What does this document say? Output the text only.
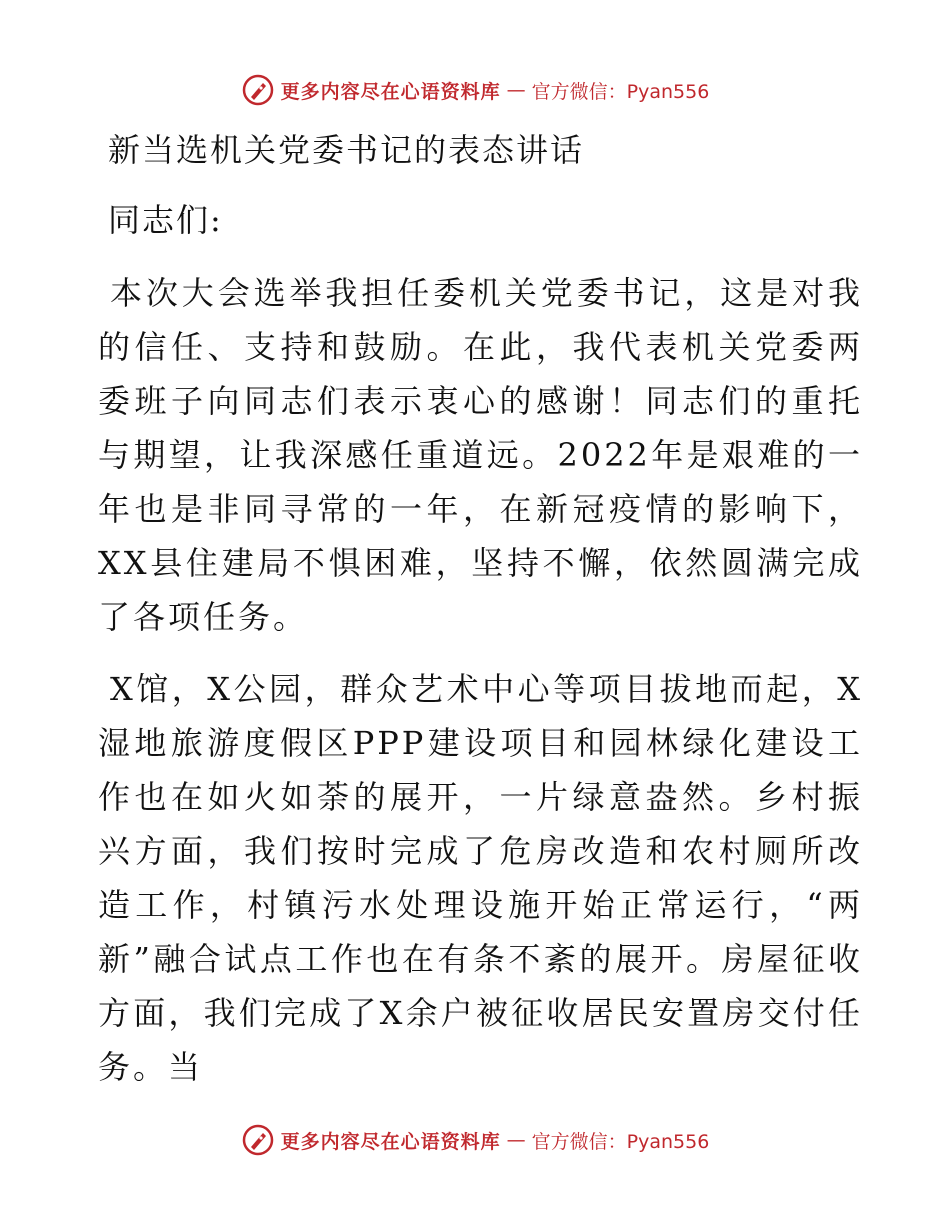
更多内容尽在心语资料库 — 官方微信：Pyan556
新当选机关党委书记的表态讲话

同志们:

本次大会选举我担任委机关党委书记，这是对我的信任、支持和鼓励。在此，我代表机关党委两委班子向同志们表示衷心的感谢！同志们的重托与期望，让我深感任重道远。2022年是艰难的一年也是非同寻常的一年，在新冠疫情的影响下，XX县住建局不惧困难，坚持不懈，依然圆满完成了各项任务。

X馆，X公园，群众艺术中心等项目拔地而起，X湿地旅游度假区PPP建设项目和园林绿化建设工作也在如火如荼的展开，一片绿意盎然。乡村振兴方面，我们按时完成了危房改造和农村厕所改造工作，村镇污水处理设施开始正常运行，“两新”融合试点工作也在有条不紊的展开。房屋征收方面，我们完成了X余户被征收居民安置房交付任务。当

更多内容尽在心语资料库 — 官方微信：Pyan556
